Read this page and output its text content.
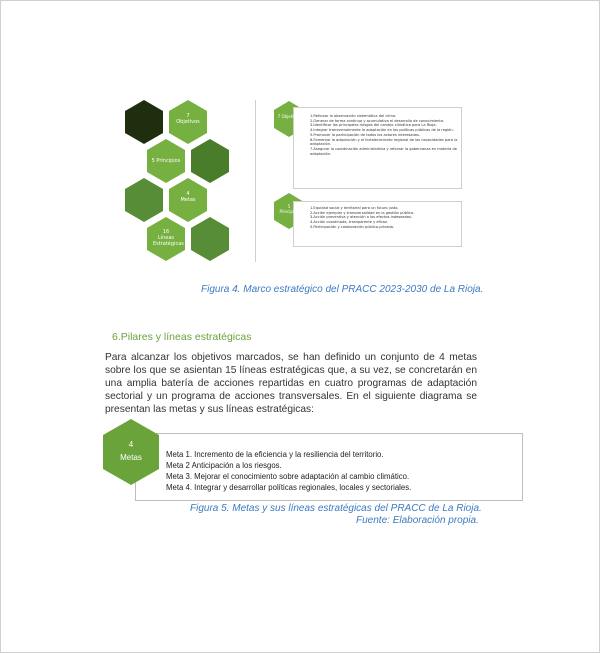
7
Objetivos
5 Principios
4
Metas
16
Líneas Estratégicas

1.Reforzar la observación sistemática del clima.

2.Generar de forma continua y acumulativa el desarrollo de conocimiento.

3.Identificar los principales riesgos del cambio climático para La Rioja.

4.Integrar transversalmente la adaptación en las políticas públicas de la región.

5.Promover la participación de todos los actores interesados.

6.Fomentar la adquisición y el fortalecimiento regional de las capacidades para la adaptación.

7.Asegurar la coordinación administrativa y reforzar la gobernanza en materia de adaptación.

7 Objetivos

1.Equidad social y territorial para un futuro justo.

2.Acción ejemplar y transversalidad en la gestión pública.

3.Acción preventiva y atención a los efectos indeseados.

4.Acción coordinada, transparente y eficaz.

5.Participación y colaboración público-privada.

5
Principios
Figura 4. Marco estratégico del PRACC 2023-2030 de La Rioja.
6.Pilares y líneas estratégicas
Para alcanzar los objetivos marcados, se han definido un conjunto de 4 metas sobre los que se asientan 15 líneas estratégicas que, a su vez, se concretarán en una amplia batería de acciones repartidas en cuatro programas de adaptación sectorial y un programa de acciones transversales. En el siguiente diagrama se presentan las metas y sus líneas estratégicas:

Meta 1. Incremento de la eficiencia y la resiliencia del territorio.

Meta 2 Anticipación a los riesgos.

Meta 3. Mejorar el conocimiento sobre adaptación al cambio climático.

Meta 4. Integrar y desarrollar políticas regionales, locales y sectoriales.

4
Metas
Figura 5. Metas y sus líneas estratégicas del PRACC de La Rioja.
Fuente: Elaboración propia.
